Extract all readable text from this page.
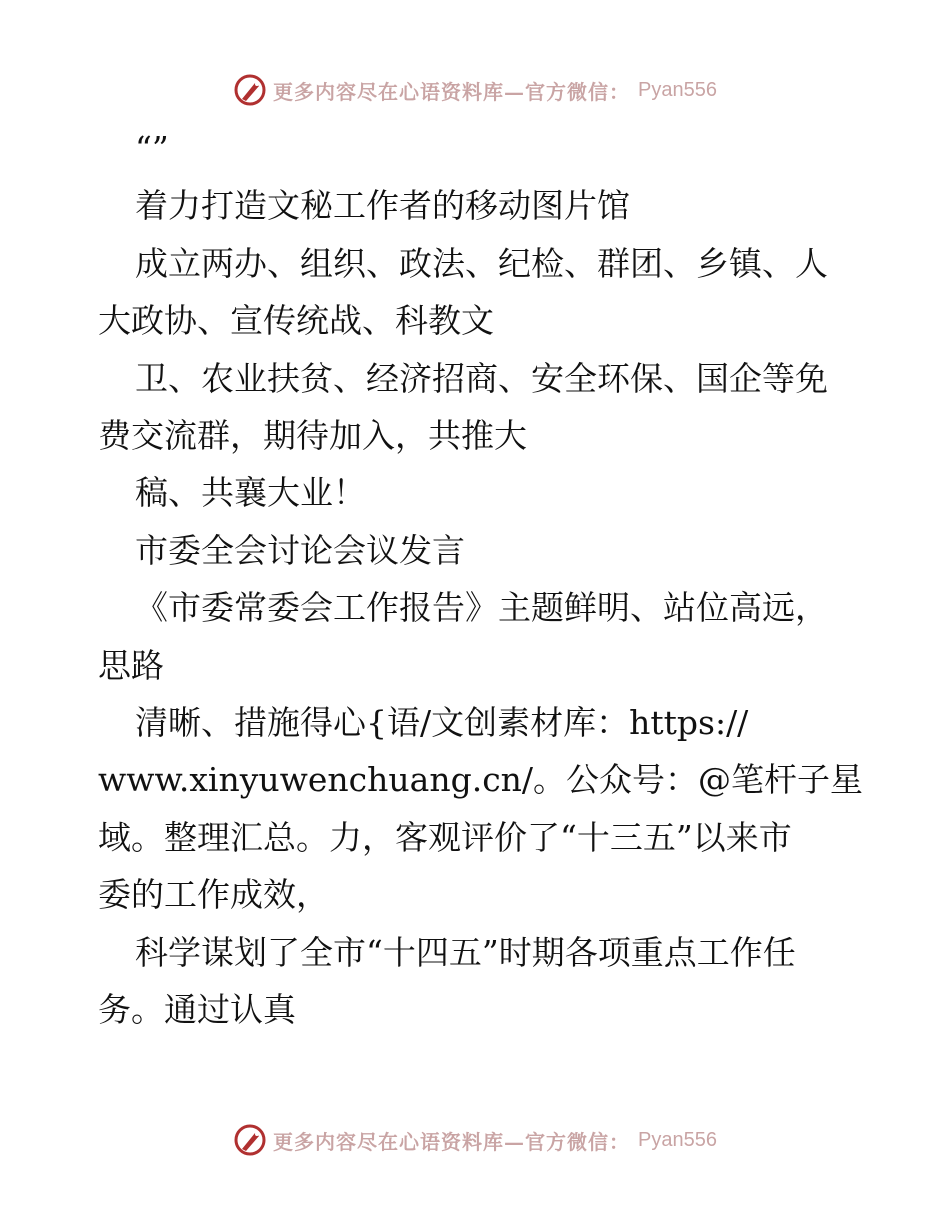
更多内容尽在心语资料库—官方微信： Pyan556
“”
着力打造文秘工作者的移动图片馆
成立两办、组织、政法、纪检、群团、乡镇、人
大政协、宣传统战、科教文
卫、农业扶贫、经济招商、安全环保、国企等免
费交流群，期待加入，共推大
稿、共襄大业！
市委全会讨论会议发言
《市委常委会工作报告》主题鲜明、站位高远，
思路
清晰、措施得心{语/文创素材库：https://
www.xinyuwenchuang.cn/。公众号：@笔杆子星
域。整理汇总。力，客观评价了“十三五”以来市
委的工作成效，
科学谋划了全市“十四五”时期各项重点工作任
务。通过认真
更多内容尽在心语资料库—官方微信： Pyan556
